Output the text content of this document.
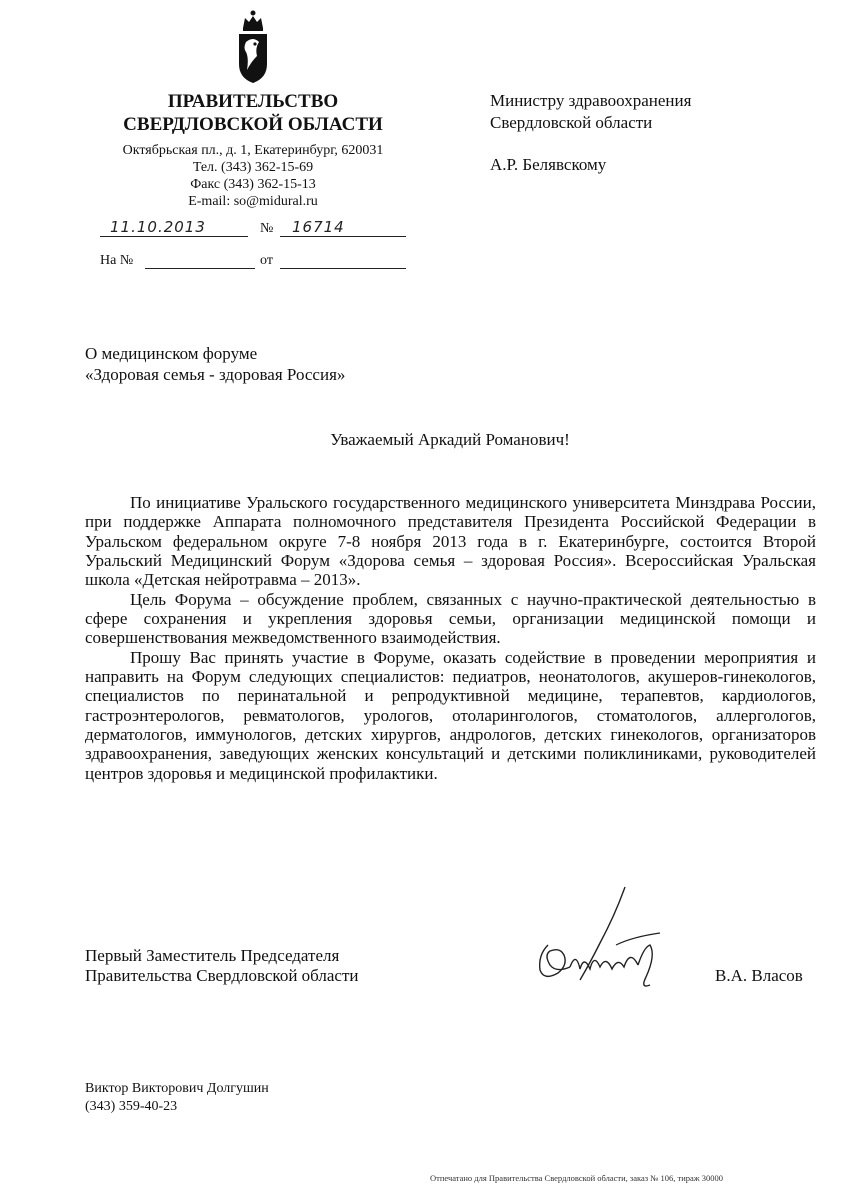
ПРАВИТЕЛЬСТВО
СВЕРДЛОВСКОЙ ОБЛАСТИ
Октябрьская пл., д. 1, Екатеринбург, 620031
Тел. (343) 362-15-69
Факс (343) 362-15-13
E-mail: so@midural.ru
11.10.2013	№ 16714
На №	от
Министру здравоохранения
Свердловской области
А.Р. Белявскому
О медицинском форуме
«Здоровая семья - здоровая Россия»
Уважаемый Аркадий Романович!

По инициативе Уральского государственного медицинского университета Минздрава России, при поддержке Аппарата полномочного представителя Президента Российской Федерации в Уральском федеральном округе 7-8 ноября 2013 года в г. Екатеринбурге, состоится Второй Уральский Медицинский Форум «Здорова семья – здоровая Россия». Всероссийская Уральская школа «Детская нейротравма – 2013».

Цель Форума – обсуждение проблем, связанных с научно-практической деятельностью в сфере сохранения и укрепления здоровья семьи, организации медицинской помощи и совершенствования межведомственного взаимодействия.

Прошу Вас принять участие в Форуме, оказать содействие в проведении мероприятия и направить на Форум следующих специалистов: педиатров, неонатологов, акушеров-гинекологов, специалистов по перинатальной и репродуктивной медицине, терапевтов, кардиологов, гастроэнтерологов, ревматологов, урологов, отоларингологов, стоматологов, аллергологов, дерматологов, иммунологов, детских хирургов, андрологов, детских гинекологов, организаторов здравоохранения, заведующих женских консультаций и детскими поликлиниками, руководителей центров здоровья и медицинской профилактики.

Первый Заместитель Председателя
Правительства Свердловской области	В.А. Власов
Виктор Викторович Долгушин
(343) 359-40-23
Отпечатано для Правительства Свердловской области, заказ № 106, тираж 30000
